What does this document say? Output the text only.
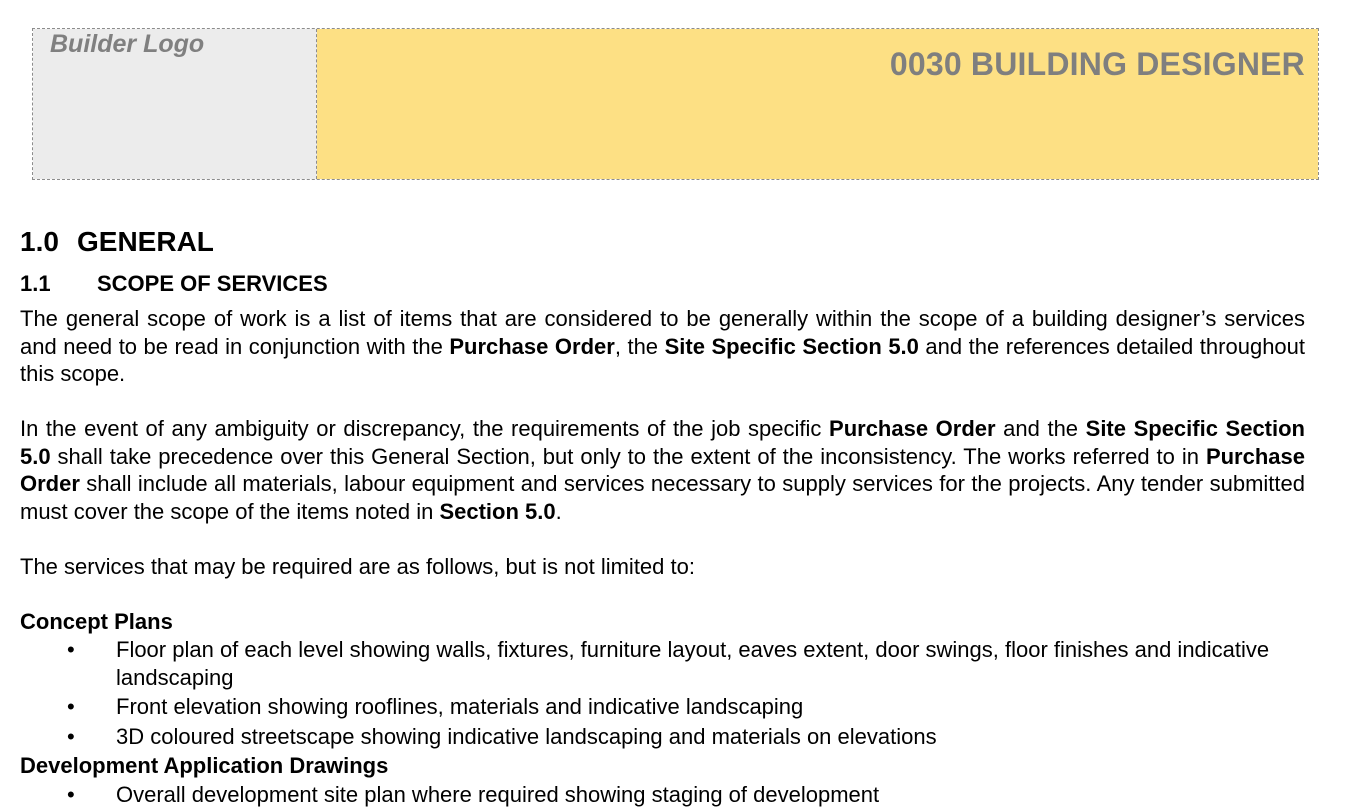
Builder Logo
0030 BUILDING DESIGNER
1.0 GENERAL
1.1 SCOPE OF SERVICES

The general scope of work is a list of items that are considered to be generally within the scope of a building designer’s services and need to be read in conjunction with the Purchase Order, the Site Specific Section 5.0 and the references detailed throughout this scope.

In the event of any ambiguity or discrepancy, the requirements of the job specific Purchase Order and the Site Specific Section 5.0 shall take precedence over this General Section, but only to the extent of the inconsistency. The works referred to in Purchase Order shall include all materials, labour equipment and services necessary to supply services for the projects. Any tender submitted must cover the scope of the items noted in Section 5.0.

The services that may be required are as follows, but is not limited to:

Concept Plans
• Floor plan of each level showing walls, fixtures, furniture layout, eaves extent, door swings, floor finishes and indicative landscaping
• Front elevation showing rooflines, materials and indicative landscaping
• 3D coloured streetscape showing indicative landscaping and materials on elevations
Development Application Drawings
• Overall development site plan where required showing staging of development
